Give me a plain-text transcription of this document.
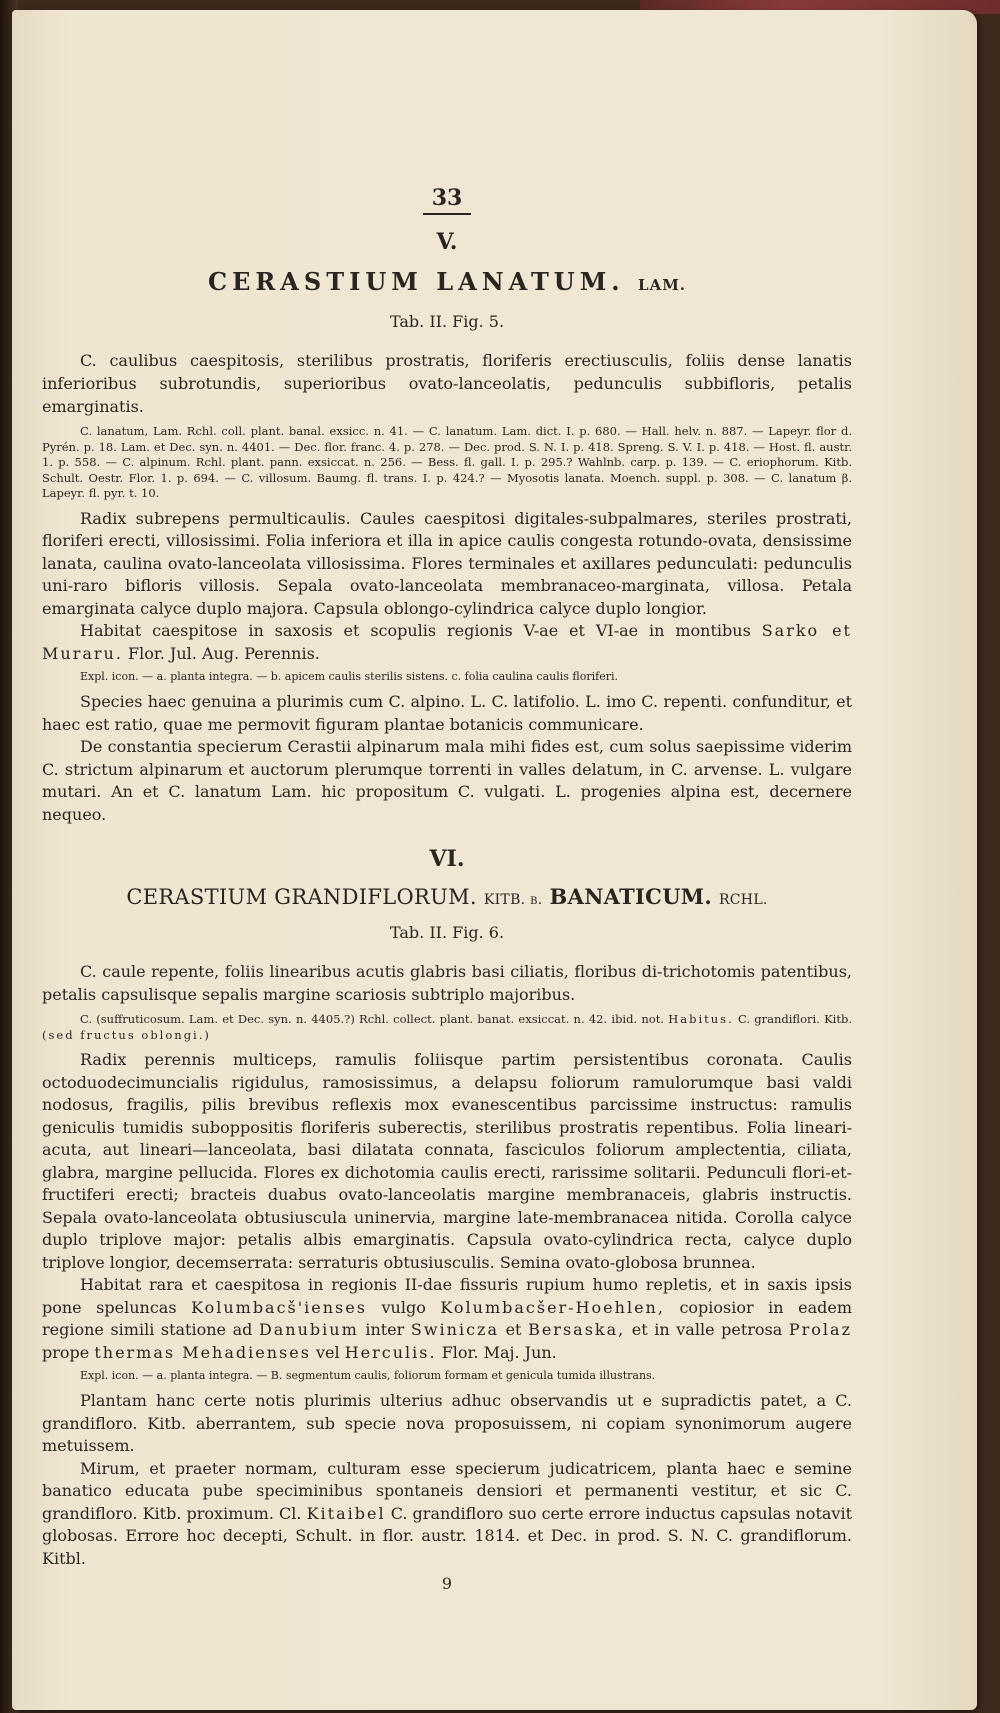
33
V.
CERASTIUM LANATUM. LAM.
Tab. II. Fig. 5.

C. caulibus caespitosis, sterilibus prostratis, floriferis erectiusculis, foliis dense lanatis inferioribus subrotundis, superioribus ovato-lanceolatis, pedunculis subbifloris, petalis emarginatis.

C. lanatum, Lam. Rchl. coll. plant. banal. exsicc. n. 41. — C. lanatum. Lam. dict. I. p. 680. — Hall. helv. n. 887. — Lapeyr. flor d. Pyrén. p. 18. Lam. et Dec. syn. n. 4401. — Dec. flor. franc. 4. p. 278. — Dec. prod. S. N. I. p. 418. Spreng. S. V. I. p. 418. — Host. fl. austr. 1. p. 558. — C. alpinum. Rchl. plant. pann. exsiccat. n. 256. — Bess. fl. gall. I. p. 295.? Wahlnb. carp. p. 139. — C. eriophorum. Kitb. Schult. Oestr. Flor. 1. p. 694. — C. villosum. Baumg. fl. trans. I. p. 424.? — Myosotis lanata. Moench. suppl. p. 308. — C. lanatum β. Lapeyr. fl. pyr. t. 10.

Radix subrepens permulticaulis. Caules caespitosi digitales-subpalmares, steriles prostrati, floriferi erecti, villosissimi. Folia inferiora et illa in apice caulis congesta rotundo-ovata, densissime lanata, caulina ovato-lanceolata villosissima. Flores terminales et axillares pedunculati: pedunculis uni-raro bifloris villosis. Sepala ovato-lanceolata membranaceo-marginata, villosa. Petala emarginata calyce duplo majora. Capsula oblongo-cylindrica calyce duplo longior.

Habitat caespitose in saxosis et scopulis regionis V-ae et VI-ae in montibus Sarko et Muraru. Flor. Jul. Aug. Perennis.

Expl. icon. — a. planta integra. — b. apicem caulis sterilis sistens. c. folia caulina caulis floriferi.

Species haec genuina a plurimis cum C. alpino. L. C. latifolio. L. imo C. repenti. confunditur, et haec est ratio, quae me permovit figuram plantae botanicis communicare.

De constantia specierum Cerastii alpinarum mala mihi fides est, cum solus saepissime viderim C. strictum alpinarum et auctorum plerumque torrenti in valles delatum, in C. arvense. L. vulgare mutari. An et C. lanatum Lam. hic propositum C. vulgati. L. progenies alpina est, decernere nequeo.

VI.
CERASTIUM GRANDIFLORUM. KITB. b. BANATICUM. RCHL.
Tab. II. Fig. 6.

C. caule repente, foliis linearibus acutis glabris basi ciliatis, floribus di-trichotomis patentibus, petalis capsulisque sepalis margine scariosis subtriplo majoribus.

C. (suffruticosum. Lam. et Dec. syn. n. 4405.?) Rchl. collect. plant. banat. exsiccat. n. 42. ibid. not. Habitus. C. grandiflori. Kitb. (sed fructus oblongi.)

Radix perennis multiceps, ramulis foliisque partim persistentibus coronata. Caulis octoduodecimuncialis rigidulus, ramosissimus, a delapsu foliorum ramulorumque basi valdi nodosus, fragilis, pilis brevibus reflexis mox evanescentibus parcissime instructus: ramulis geniculis tumidis suboppositis floriferis suberectis, sterilibus prostratis repentibus. Folia lineari-acuta, aut lineari—lanceolata, basi dilatata connata, fasciculos foliorum amplectentia, ciliata, glabra, margine pellucida. Flores ex dichotomia caulis erecti, rarissime solitarii. Pedunculi flori-et-fructiferi erecti; bracteis duabus ovato-lanceolatis margine membranaceis, glabris instructis. Sepala ovato-lanceolata obtusiuscula uninervia, margine late-membranacea nitida. Corolla calyce duplo triplove major: petalis albis emarginatis. Capsula ovato-cylindrica recta, calyce duplo triplove longior, decemserrata: serraturis obtusiusculis. Semina ovato-globosa brunnea.

Habitat rara et caespitosa in regionis II-dae fissuris rupium humo repletis, et in saxis ipsis pone speluncas Kolumbacš'ienses vulgo Kolumbacšer-Hoehlen, copiosior in eadem regione simili statione ad Danubium inter Swinicza et Bersaska, et in valle petrosa Prolaz prope thermas Mehadienses vel Herculis. Flor. Maj. Jun.

Expl. icon. — a. planta integra. — B. segmentum caulis, foliorum formam et genicula tumida illustrans.

Plantam hanc certe notis plurimis ulterius adhuc observandis ut e supradictis patet, a C. grandifloro. Kitb. aberrantem, sub specie nova proposuissem, ni copiam synonimorum augere metuissem.

Mirum, et praeter normam, culturam esse specierum judicatricem, planta haec e semine banatico educata pube speciminibus spontaneis densiori et permanenti vestitur, et sic C. grandifloro. Kitb. proximum. Cl. Kitaibel C. grandifloro suo certe errore inductus capsulas notavit globosas. Errore hoc decepti, Schult. in flor. austr. 1814. et Dec. in prod. S. N. C. grandiflorum. Kitbl.

9
